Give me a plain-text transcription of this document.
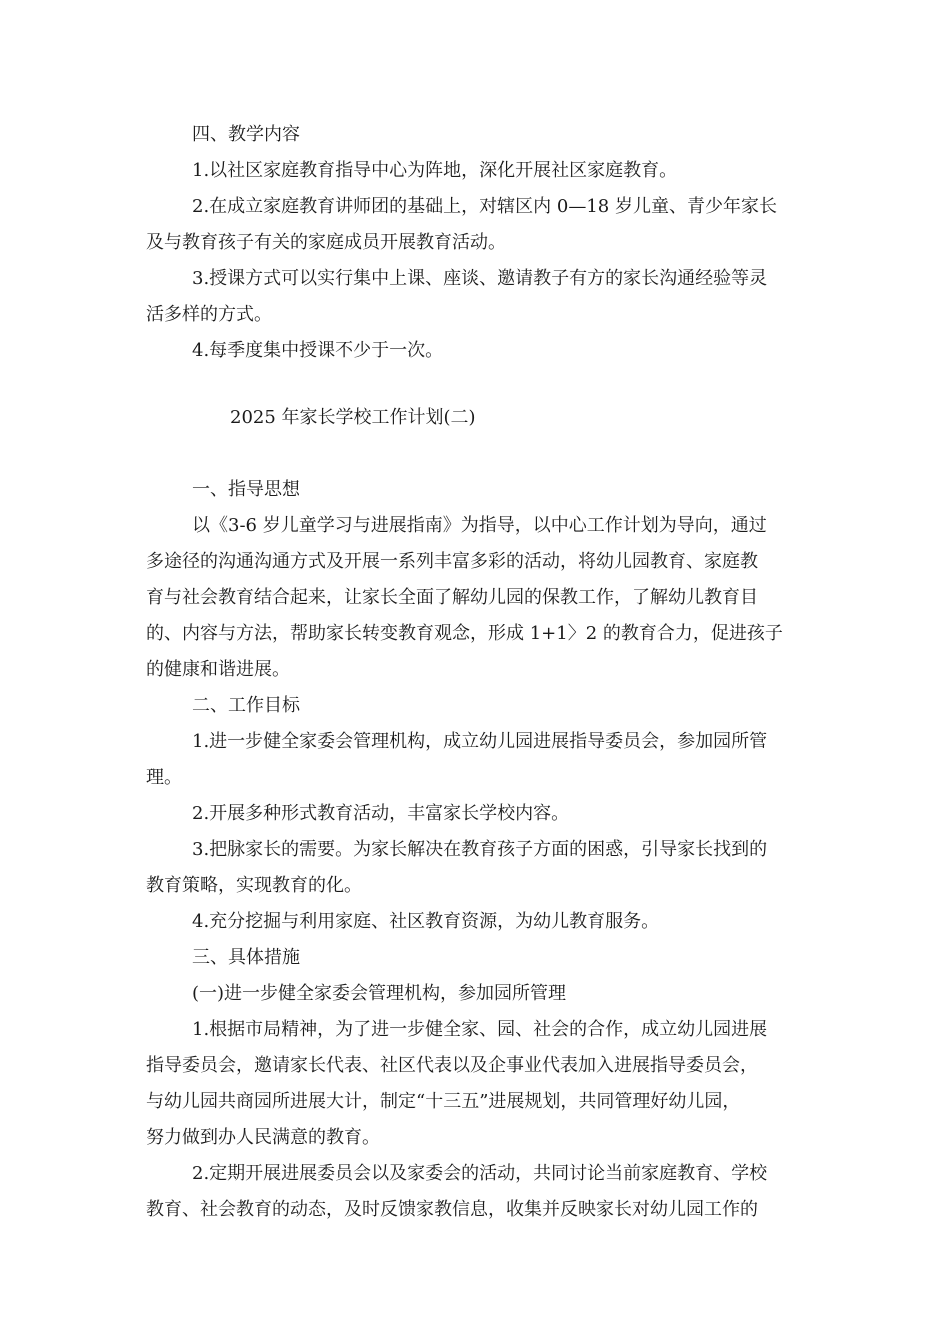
四、教学内容
1.以社区家庭教育指导中心为阵地，深化开展社区家庭教育。
2.在成立家庭教育讲师团的基础上，对辖区内 0—18 岁儿童、青少年家长
及与教育孩子有关的家庭成员开展教育活动。
3.授课方式可以实行集中上课、座谈、邀请教子有方的家长沟通经验等灵
活多样的方式。
4.每季度集中授课不少于一次。
2025 年家长学校工作计划(二)
一、指导思想
以《3-6 岁儿童学习与进展指南》为指导，以中心工作计划为导向，通过
多途径的沟通沟通方式及开展一系列丰富多彩的活动，将幼儿园教育、家庭教
育与社会教育结合起来，让家长全面了解幼儿园的保教工作，了解幼儿教育目
的、内容与方法，帮助家长转变教育观念，形成 1+1〉2 的教育合力，促进孩子
的健康和谐进展。
二、工作目标
1.进一步健全家委会管理机构，成立幼儿园进展指导委员会，参加园所管
理。
2.开展多种形式教育活动，丰富家长学校内容。
3.把脉家长的需要。为家长解决在教育孩子方面的困惑，引导家长找到的
教育策略，实现教育的化。
4.充分挖掘与利用家庭、社区教育资源，为幼儿教育服务。
三、具体措施
(一)进一步健全家委会管理机构，参加园所管理
1.根据市局精神，为了进一步健全家、园、社会的合作，成立幼儿园进展
指导委员会，邀请家长代表、社区代表以及企事业代表加入进展指导委员会，
与幼儿园共商园所进展大计，制定“十三五”进展规划，共同管理好幼儿园，
努力做到办人民满意的教育。
2.定期开展进展委员会以及家委会的活动，共同讨论当前家庭教育、学校
教育、社会教育的动态，及时反馈家教信息，收集并反映家长对幼儿园工作的
